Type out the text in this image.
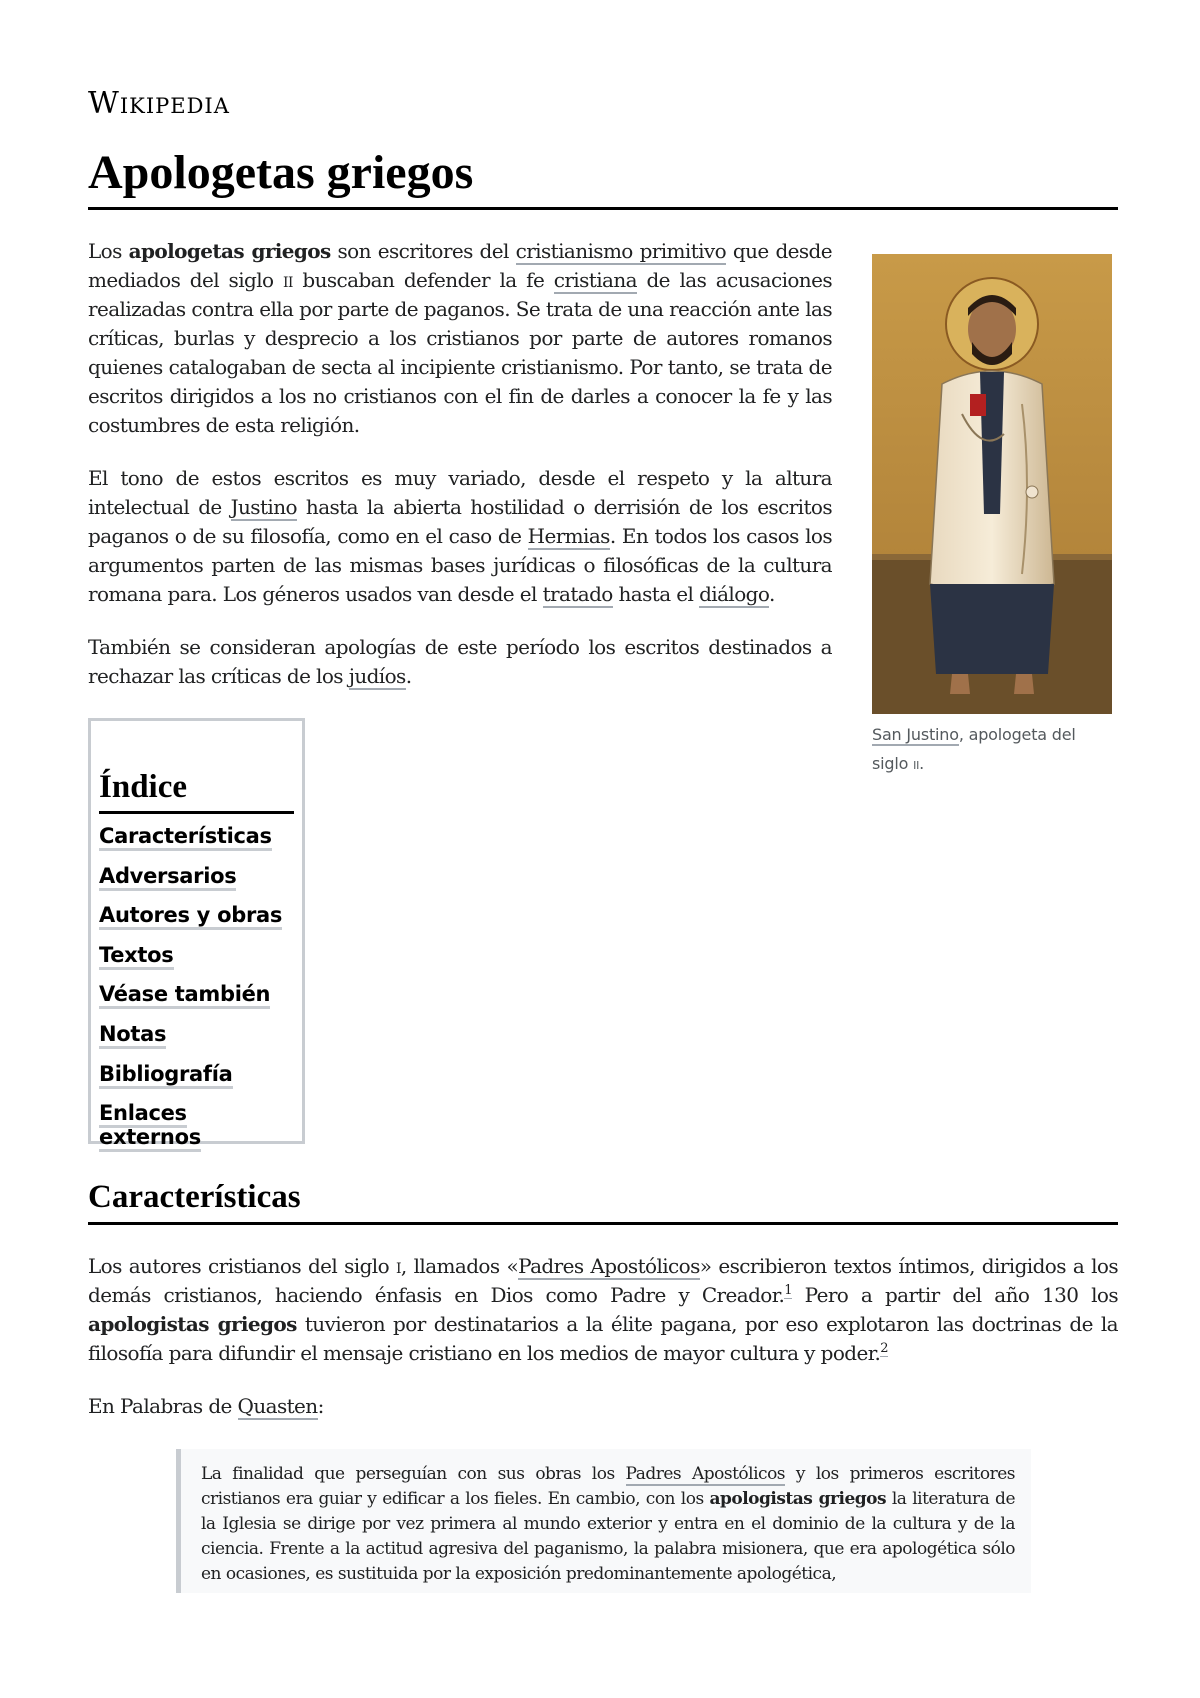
Wikipedia
Apologetas griegos

Los apologetas griegos son escritores del cristianismo primitivo que desde mediados del siglo ii buscaban defender la fe cristiana de las acusaciones realizadas contra ella por parte de paganos. Se trata de una reacción ante las críticas, burlas y desprecio a los cristianos por parte de autores romanos quienes catalogaban de secta al incipiente cristianismo. Por tanto, se trata de escritos dirigidos a los no cristianos con el fin de darles a conocer la fe y las costumbres de esta religión.

El tono de estos escritos es muy variado, desde el respeto y la altura intelectual de Justino hasta la abierta hostilidad o derrisión de los escritos paganos o de su filosofía, como en el caso de Hermias. En todos los casos los argumentos parten de las mismas bases jurídicas o filosóficas de la cultura romana para. Los géneros usados van desde el tratado hasta el diálogo.

También se consideran apologías de este período los escritos destinados a rechazar las críticas de los judíos.

San Justino, apologeta del siglo ii.
Índice
Características
Adversarios
Autores y obras
Textos
Véase también
Notas
Bibliografía
Enlaces externos
Características

Los autores cristianos del siglo i, llamados «Padres Apostólicos» escribieron textos íntimos, dirigidos a los demás cristianos, haciendo énfasis en Dios como Padre y Creador.$^1$ Pero a partir del año 130 los apologistas griegos tuvieron por destinatarios a la élite pagana, por eso explotaron las doctrinas de la filosofía para difundir el mensaje cristiano en los medios de mayor cultura y poder.$^2$

En Palabras de Quasten:

La finalidad que perseguían con sus obras los Padres Apostólicos y los primeros escritores cristianos era guiar y edificar a los fieles. En cambio, con los apologistas griegos la literatura de la Iglesia se dirige por vez primera al mundo exterior y entra en el dominio de la cultura y de la ciencia. Frente a la actitud agresiva del paganismo, la palabra misionera, que era apologética sólo en ocasiones, es sustituida por la exposición predominantemente apologética,
